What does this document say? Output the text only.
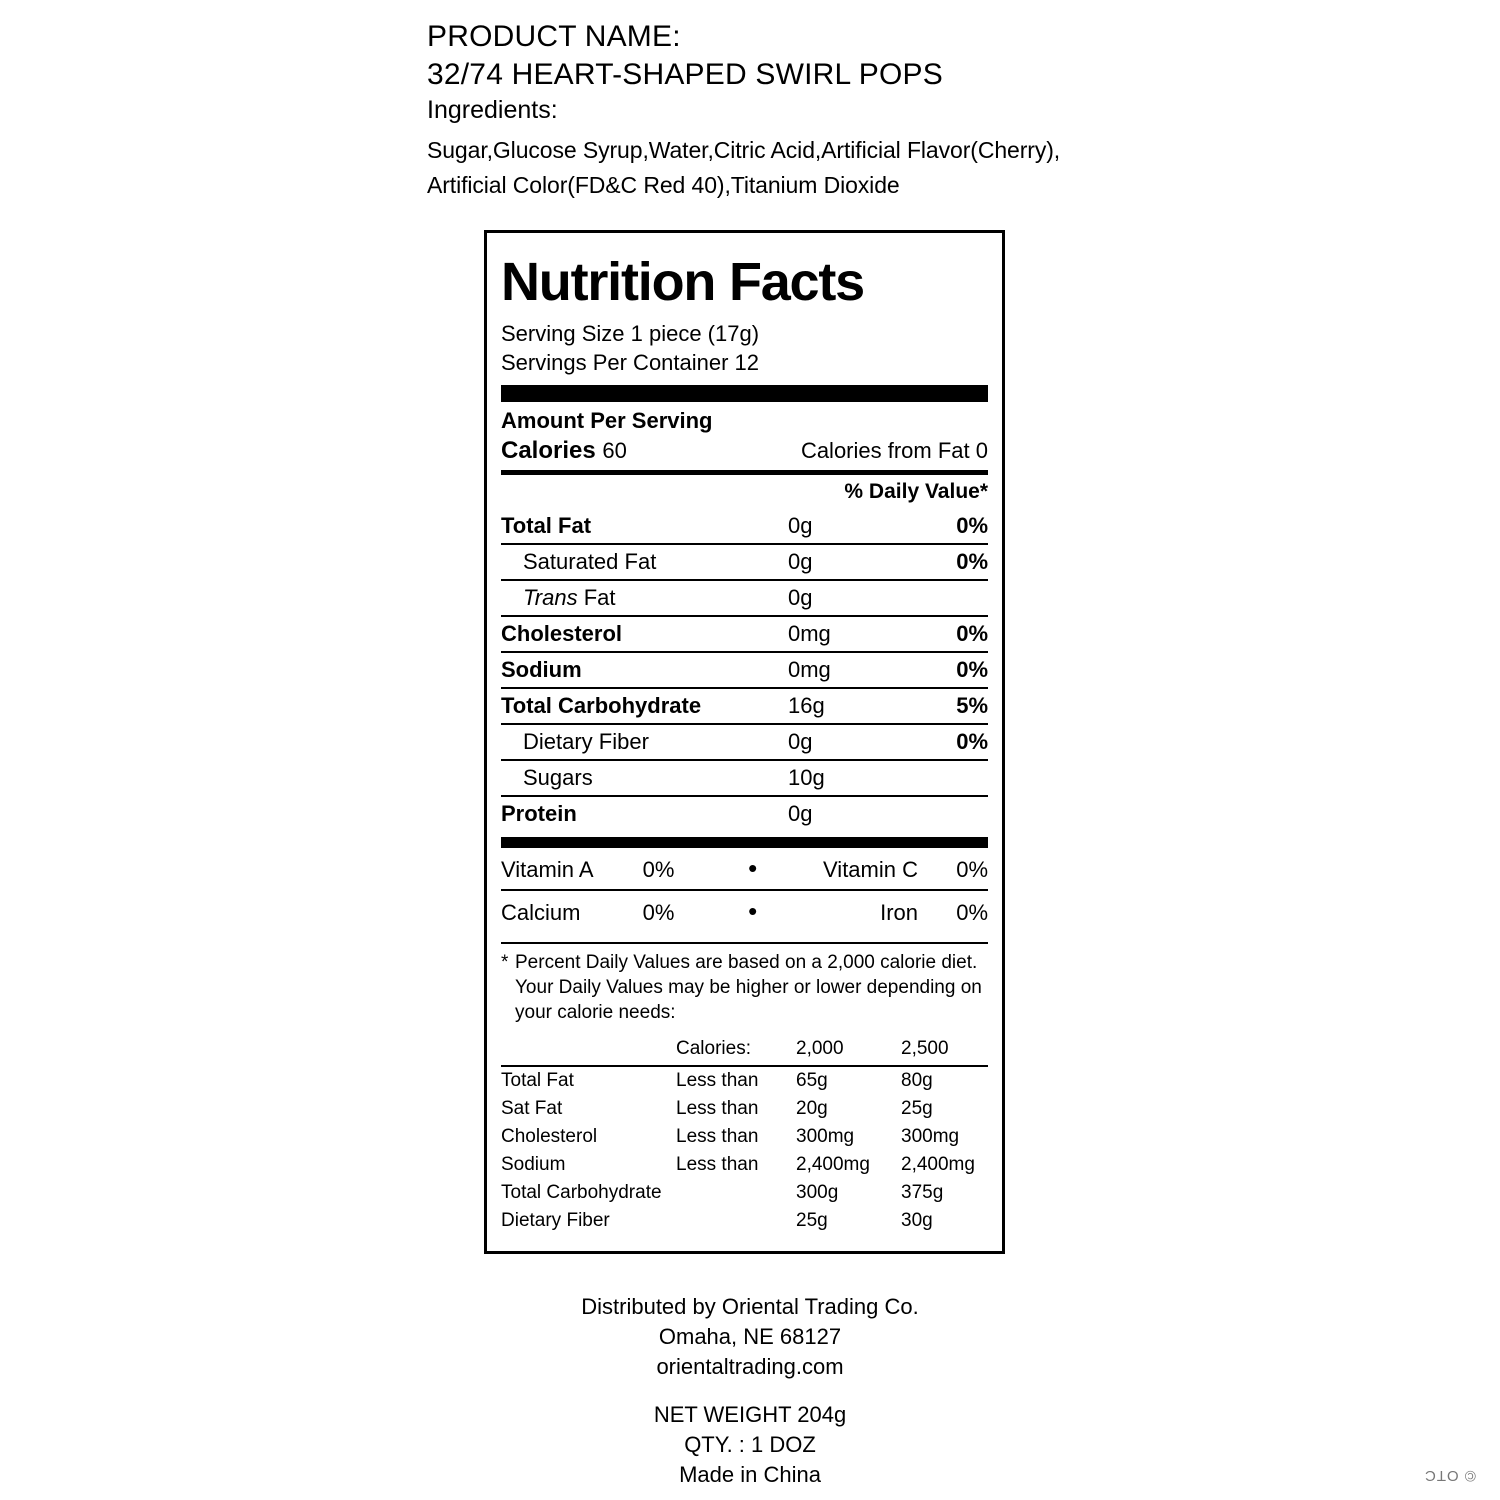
PRODUCT NAME:
32/74 HEART-SHAPED SWIRL POPS
Ingredients:
Sugar,Glucose Syrup,Water,Citric Acid,Artificial Flavor(Cherry),
Artificial Color(FD&C Red 40),Titanium Dioxide
Nutrition Facts
Serving Size 1 piece (17g)
Servings Per Container 12
Amount Per Serving
Calories 60	Calories from Fat 0
% Daily Value*
Total Fat	0g	0%
Saturated Fat	0g	0%
Trans Fat	0g	
Cholesterol	0mg	0%
Sodium	0mg	0%
Total Carbohydrate	16g	5%
Dietary Fiber	0g	0%
Sugars	10g	
Protein	0g	
Vitamin A	0%	•	Vitamin C	0%
Calcium	0%	•	Iron	0%
* Percent Daily Values are based on a 2,000 calorie diet. Your Daily Values may be higher or lower depending on your calorie needs:
	Calories:	2,000	2,500
Total Fat	Less than	65g	80g
Sat Fat	Less than	20g	25g
Cholesterol	Less than	300mg	300mg
Sodium	Less than	2,400mg	2,400mg
Total Carbohydrate		300g	375g
Dietary Fiber		25g	30g
Distributed by Oriental Trading Co.
Omaha, NE 68127
orientaltrading.com
NET WEIGHT 204g
QTY. : 1 DOZ
Made in China	© OTC
